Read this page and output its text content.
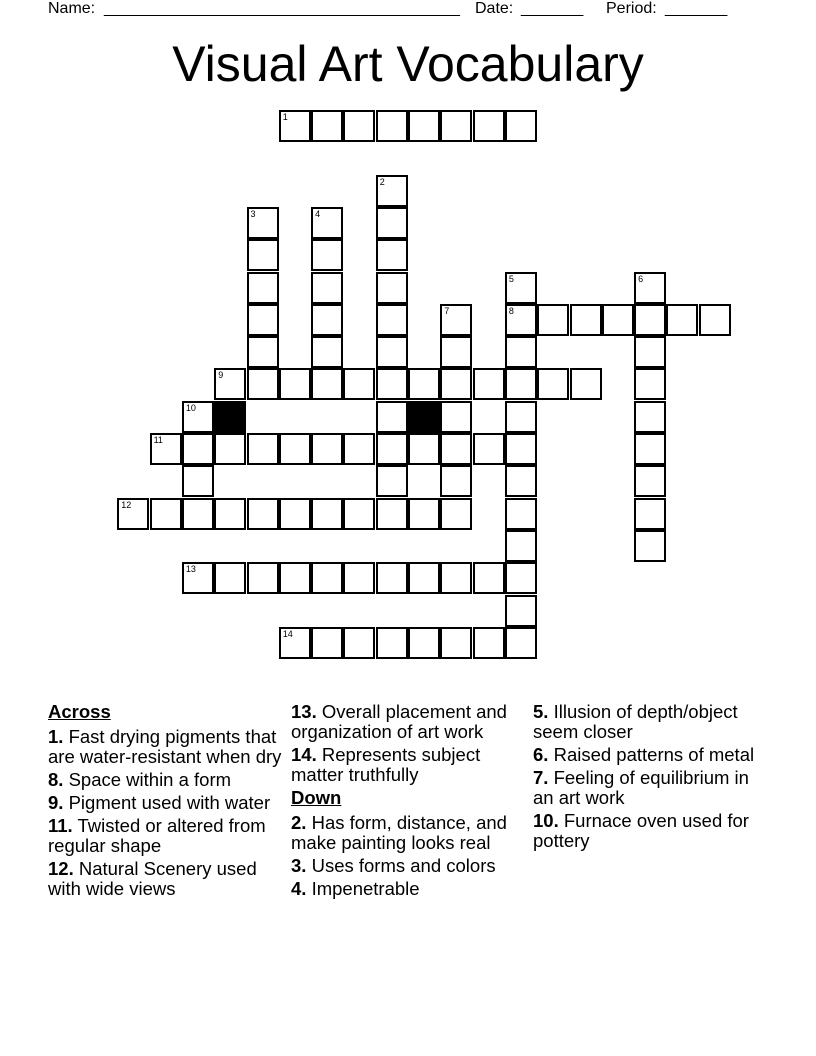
Name: ________________________________________ Date: _______ Period: _______
Visual Art Vocabulary
1
8
9
11
12
13
14
2
3	4
5	6
7
10
Across
1. Fast drying pigments that are water-resistant when dry
8. Space within a form
9. Pigment used with water
11. Twisted or altered from regular shape
12. Natural Scenery used with wide views
13. Overall placement and organization of art work
14. Represents subject matter truthfully
Down
2. Has form, distance, and make painting looks real
3. Uses forms and colors
4. Impenetrable
5. Illusion of depth/object seem closer
6. Raised patterns of metal
7. Feeling of equilibrium in an art work
10. Furnace oven used for pottery
